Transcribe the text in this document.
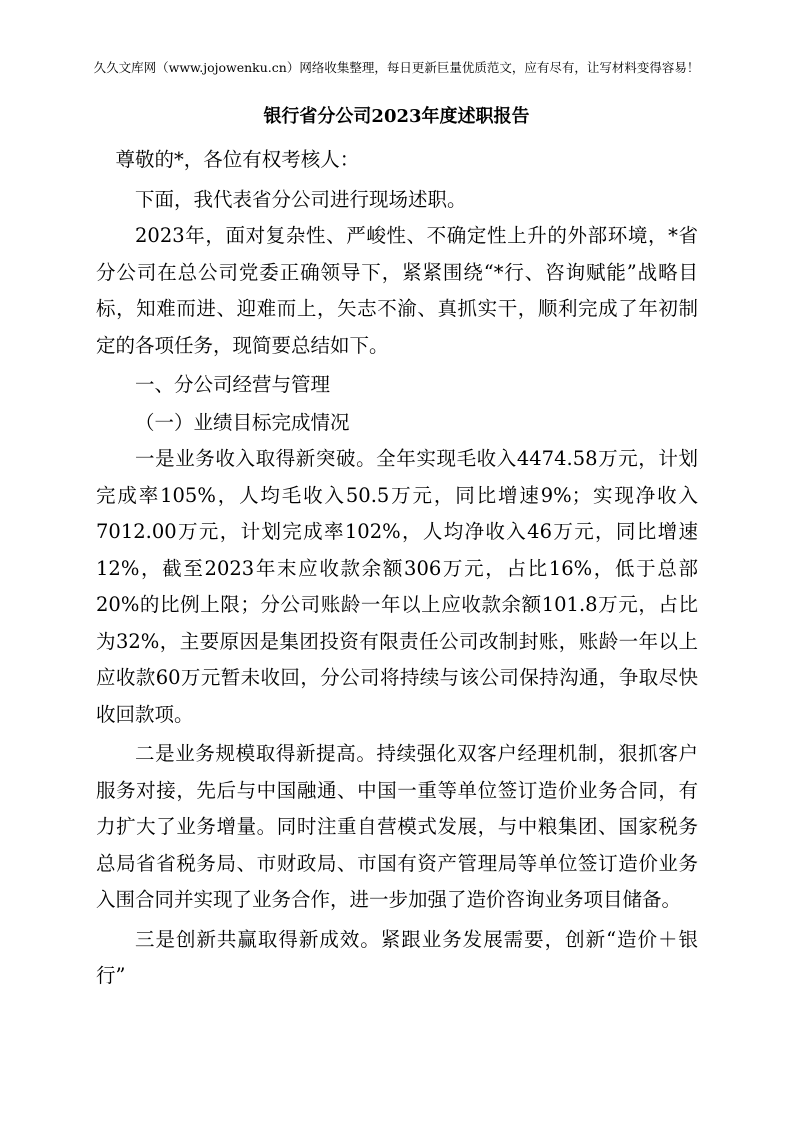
久久文库网（www.jojowenku.cn）网络收集整理，每日更新巨量优质范文，应有尽有，让写材料变得容易！
银行省分公司2023年度述职报告

尊敬的*，各位有权考核人：

下面，我代表省分公司进行现场述职。

2023年，面对复杂性、严峻性、不确定性上升的外部环境，*省分公司在总公司党委正确领导下，紧紧围绕“*行、咨询赋能”战略目标，知难而进、迎难而上，矢志不渝、真抓实干，顺利完成了年初制定的各项任务，现简要总结如下。

一、分公司经营与管理

（一）业绩目标完成情况

一是业务收入取得新突破。全年实现毛收入4474.58万元，计划完成率105%，人均毛收入50.5万元，同比增速9%；实现净收入7012.00万元，计划完成率102%，人均净收入46万元，同比增速12%，截至2023年末应收款余额306万元，占比16%，低于总部20%的比例上限；分公司账龄一年以上应收款余额101.8万元，占比为32%，主要原因是集团投资有限责任公司改制封账，账龄一年以上应收款60万元暂未收回，分公司将持续与该公司保持沟通，争取尽快收回款项。

二是业务规模取得新提高。持续强化双客户经理机制，狠抓客户服务对接，先后与中国融通、中国一重等单位签订造价业务合同，有力扩大了业务增量。同时注重自营模式发展，与中粮集团、国家税务总局省省税务局、市财政局、市国有资产管理局等单位签订造价业务入围合同并实现了业务合作，进一步加强了造价咨询业务项目储备。

三是创新共赢取得新成效。紧跟业务发展需要，创新“造价＋银行”
